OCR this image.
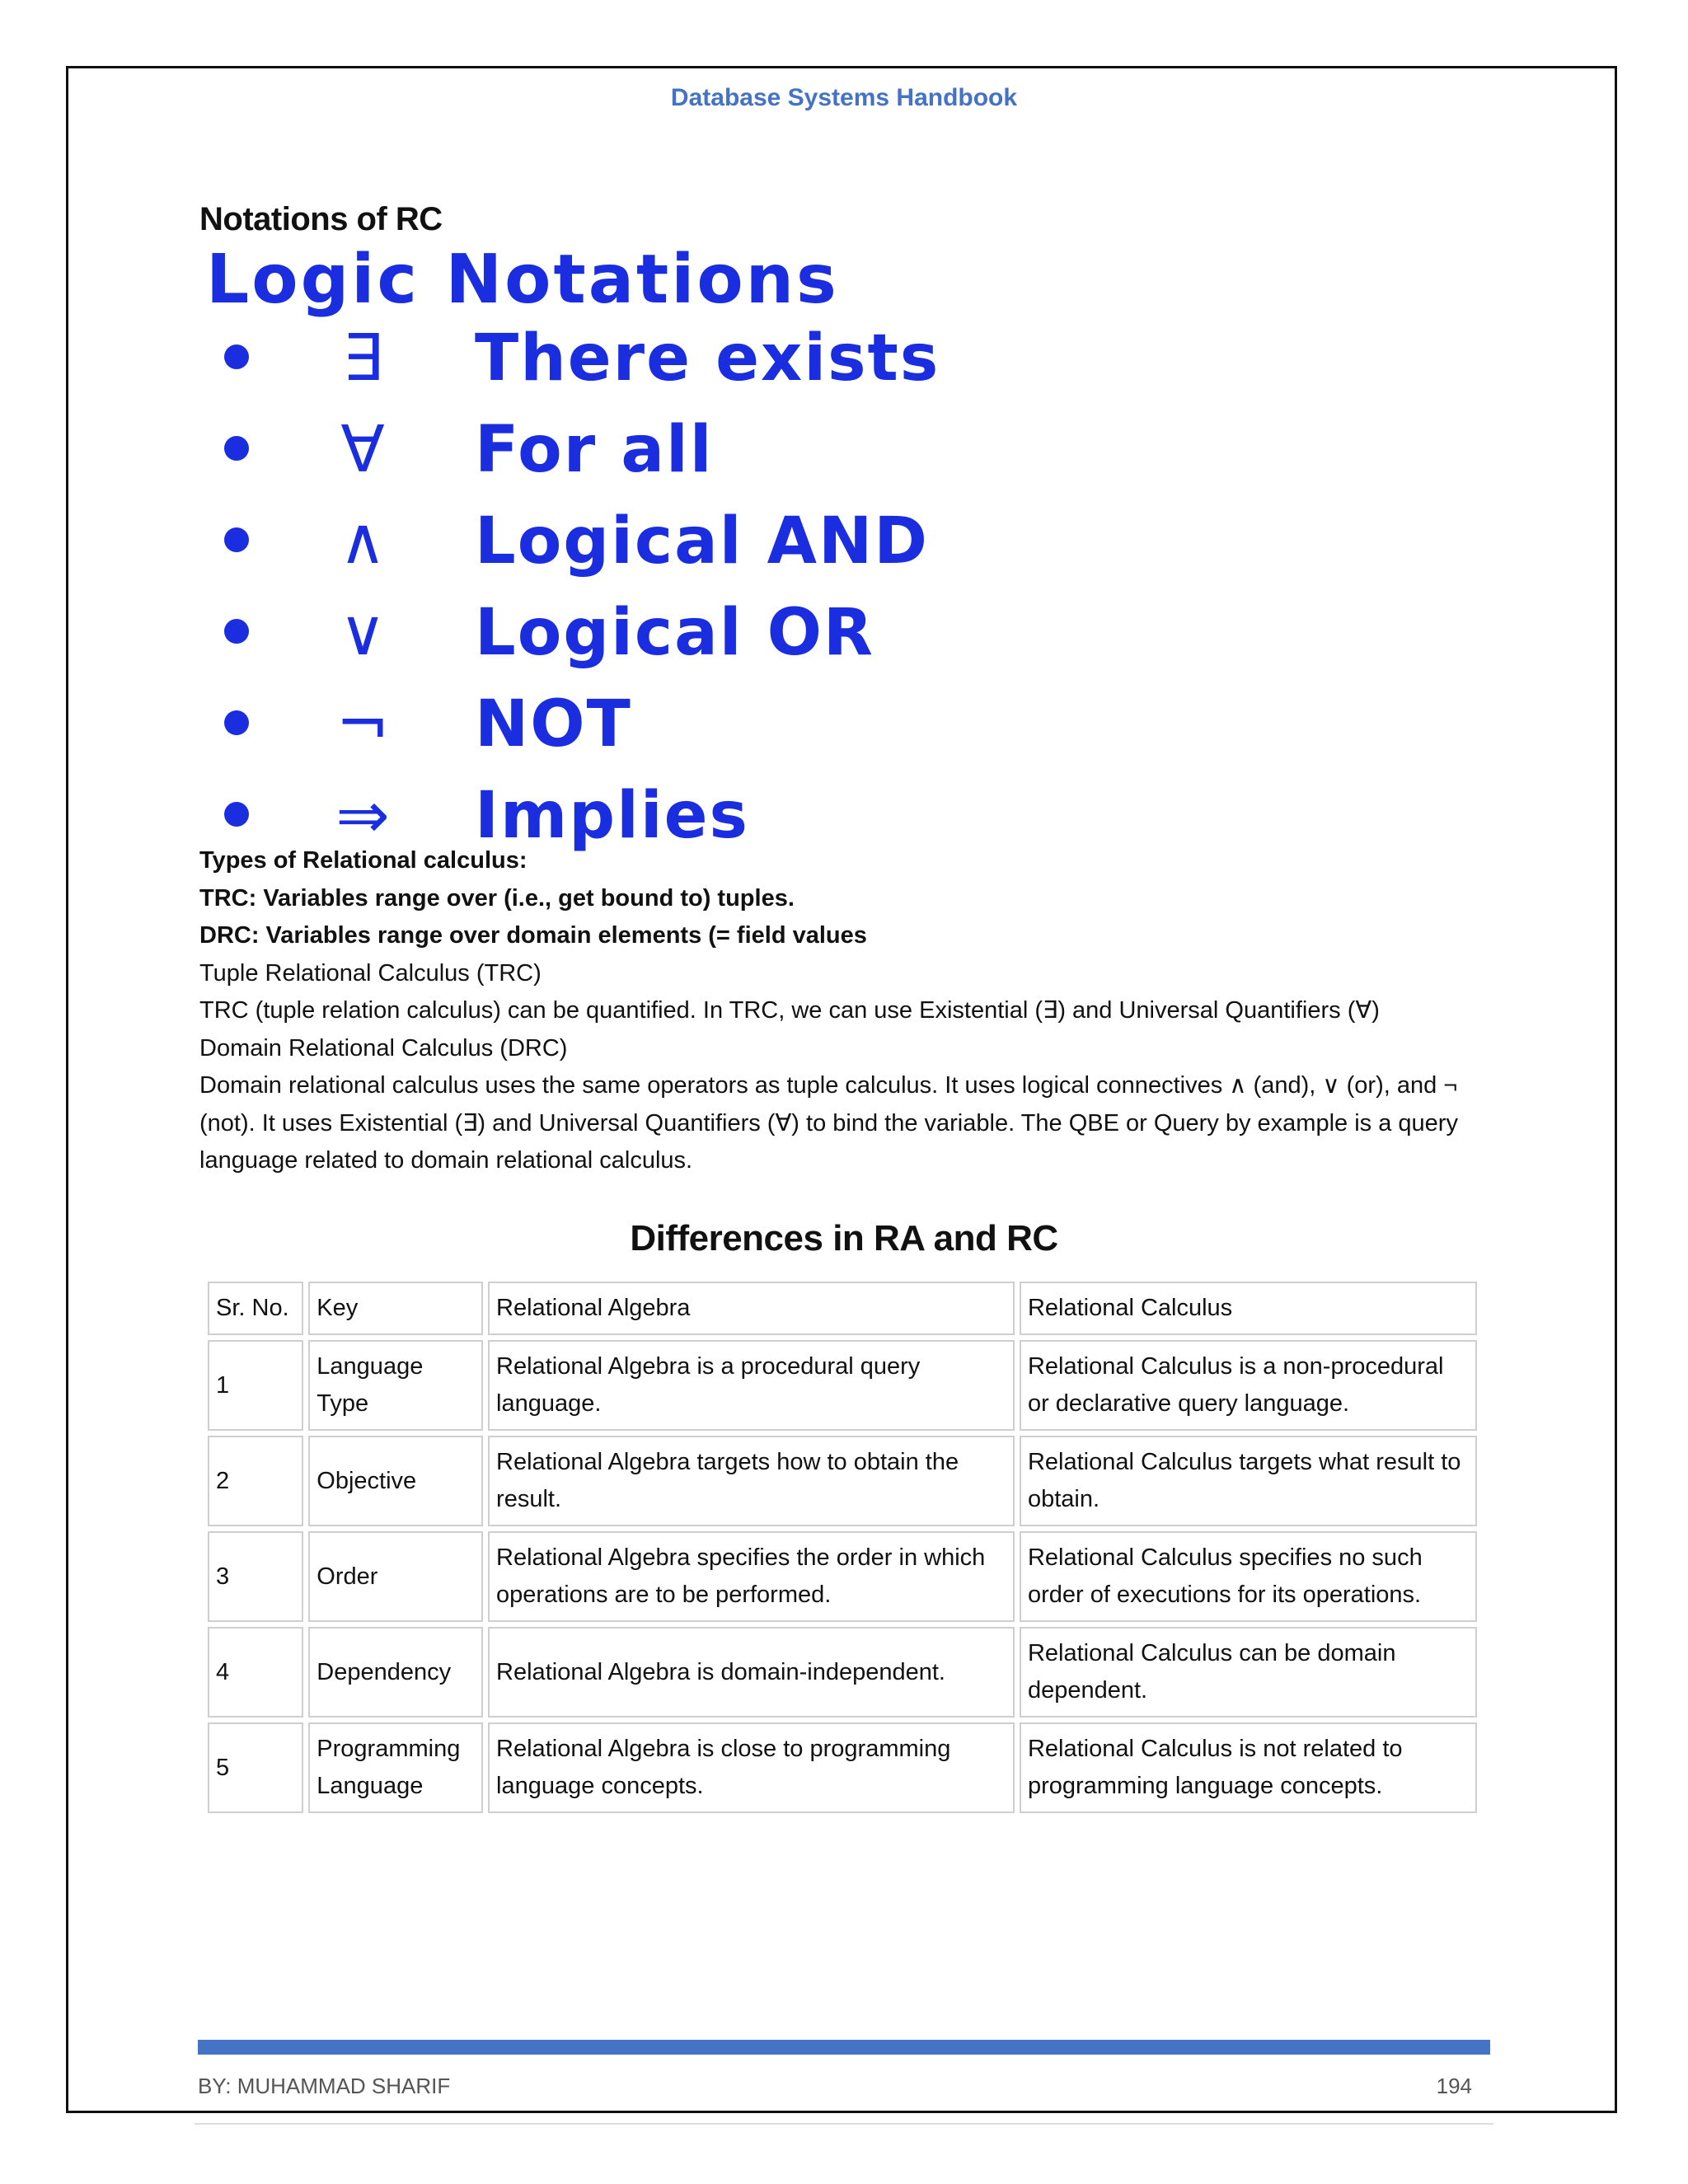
Database Systems Handbook
Notations of RC
Logic Notations
∃	There exists
∀	For all
∧	Logical AND
∨	Logical OR
¬	NOT
⇒	Implies

Types of Relational calculus:

TRC: Variables range over (i.e., get bound to) tuples.

DRC: Variables range over domain elements (= field values

Tuple Relational Calculus (TRC)

TRC (tuple relation calculus) can be quantified. In TRC, we can use Existential (∃) and Universal Quantifiers (∀)

Domain Relational Calculus (DRC)

Domain relational calculus uses the same operators as tuple calculus. It uses logical connectives ∧ (and), ∨ (or), and ¬ (not). It uses Existential (∃) and Universal Quantifiers (∀) to bind the variable. The QBE or Query by example is a query language related to domain relational calculus.

Differences in RA and RC
Sr. No.	Key	Relational Algebra	Relational Calculus
1	Language Type	Relational Algebra is a procedural query language.	Relational Calculus is a non-procedural or declarative query language.
2	Objective	Relational Algebra targets how to obtain the result.	Relational Calculus targets what result to obtain.
3	Order	Relational Algebra specifies the order in which operations are to be performed.	Relational Calculus specifies no such order of executions for its operations.
4	Dependency	Relational Algebra is domain-independent.	Relational Calculus can be domain dependent.
5	Programming Language	Relational Algebra is close to programming language concepts.	Relational Calculus is not related to programming language concepts.
BY: MUHAMMAD SHARIF	194
